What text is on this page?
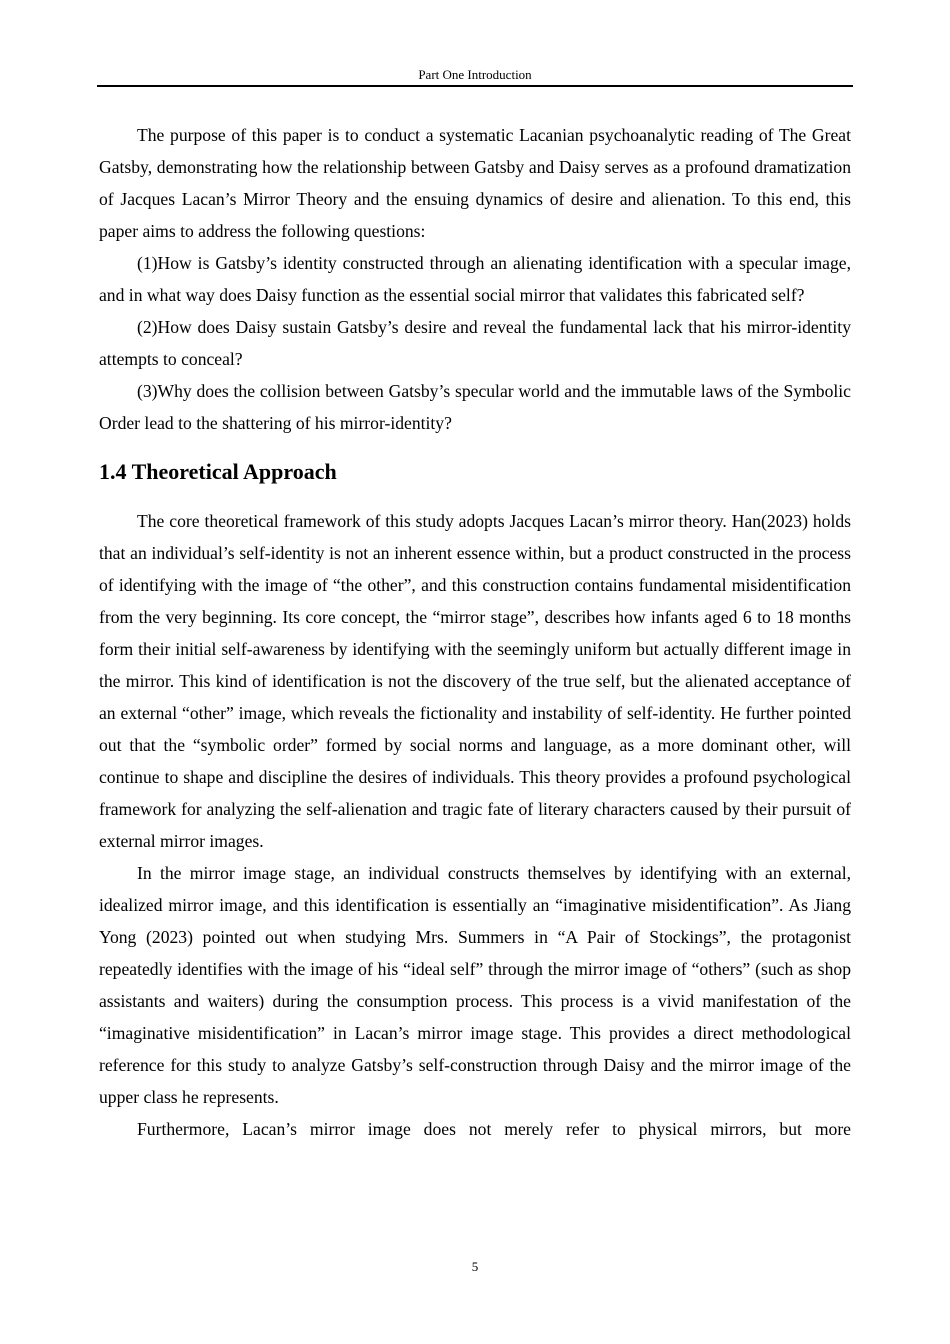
Part One Introduction

The purpose of this paper is to conduct a systematic Lacanian psychoanalytic reading of The Great Gatsby, demonstrating how the relationship between Gatsby and Daisy serves as a profound dramatization of Jacques Lacan’s Mirror Theory and the ensuing dynamics of desire and alienation. To this end, this paper aims to address the following questions:

(1)How is Gatsby’s identity constructed through an alienating identification with a specular image, and in what way does Daisy function as the essential social mirror that validates this fabricated self?

(2)How does Daisy sustain Gatsby’s desire and reveal the fundamental lack that his mirror-identity attempts to conceal?

(3)Why does the collision between Gatsby’s specular world and the immutable laws of the Symbolic Order lead to the shattering of his mirror-identity?

1.4 Theoretical Approach

The core theoretical framework of this study adopts Jacques Lacan’s mirror theory. Han(2023) holds that an individual’s self-identity is not an inherent essence within, but a product constructed in the process of identifying with the image of “the other”, and this construction contains fundamental misidentification from the very beginning. Its core concept, the “mirror stage”, describes how infants aged 6 to 18 months form their initial self-awareness by identifying with the seemingly uniform but actually different image in the mirror. This kind of identification is not the discovery of the true self, but the alienated acceptance of an external “other” image, which reveals the fictionality and instability of self-identity. He further pointed out that the “symbolic order” formed by social norms and language, as a more dominant other, will continue to shape and discipline the desires of individuals. This theory provides a profound psychological framework for analyzing the self-alienation and tragic fate of literary characters caused by their pursuit of external mirror images.

In the mirror image stage, an individual constructs themselves by identifying with an external, idealized mirror image, and this identification is essentially an “imaginative misidentification”. As Jiang Yong (2023) pointed out when studying Mrs. Summers in “A Pair of Stockings”, the protagonist repeatedly identifies with the image of his “ideal self” through the mirror image of “others” (such as shop assistants and waiters) during the consumption process. This process is a vivid manifestation of the “imaginative misidentification” in Lacan’s mirror image stage. This provides a direct methodological reference for this study to analyze Gatsby’s self-construction through Daisy and the mirror image of the upper class he represents.

Furthermore, Lacan’s mirror image does not merely refer to physical mirrors, but more

5
